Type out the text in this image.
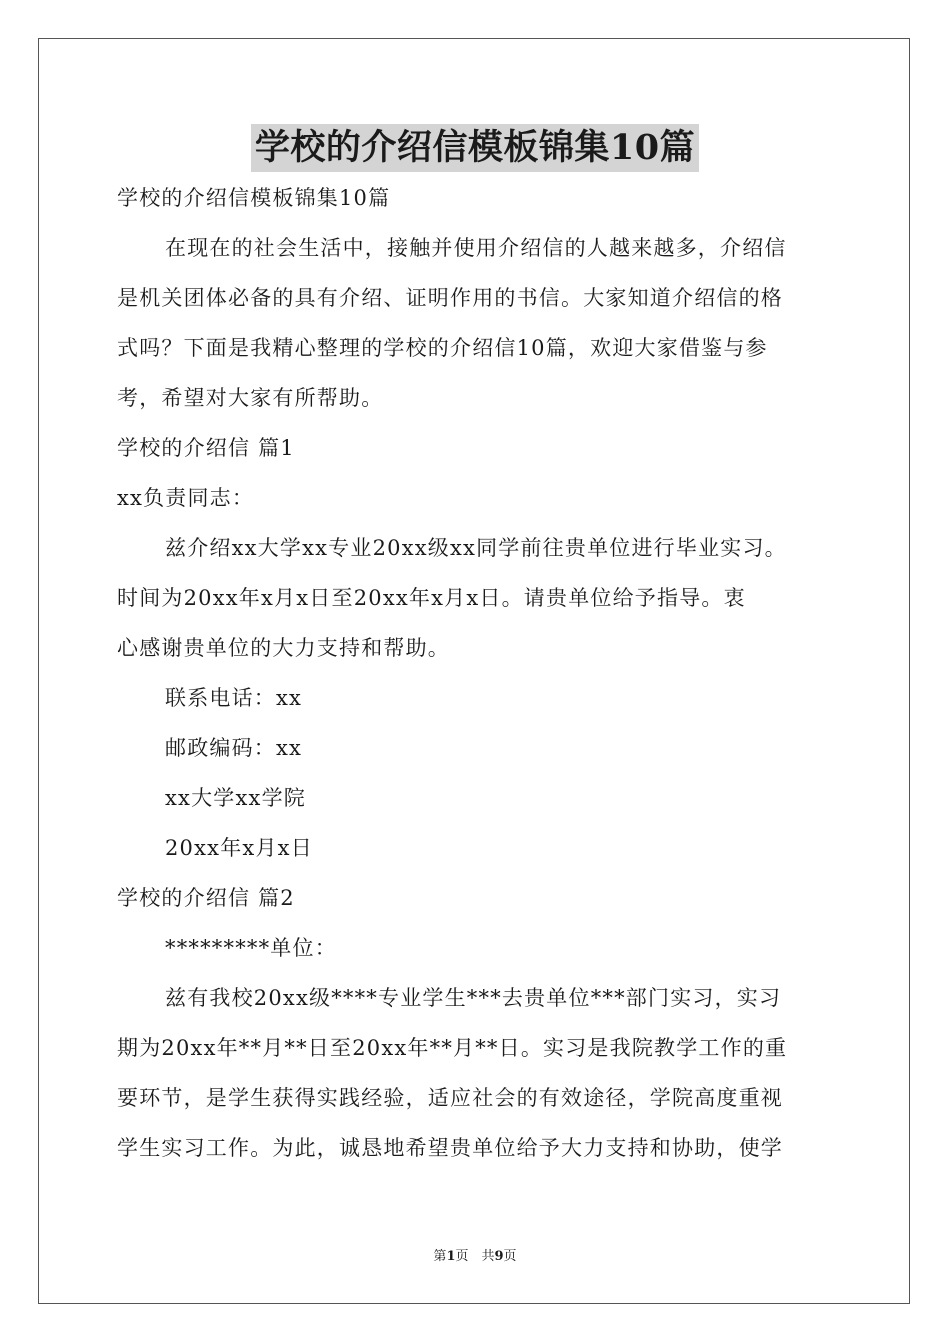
学校的介绍信模板锦集10篇
学校的介绍信模板锦集10篇
在现在的社会生活中，接触并使用介绍信的人越来越多，介绍信
是机关团体必备的具有介绍、证明作用的书信。大家知道介绍信的格
式吗？下面是我精心整理的学校的介绍信10篇，欢迎大家借鉴与参
考，希望对大家有所帮助。
学校的介绍信 篇1
xx负责同志：
兹介绍xx大学xx专业20xx级xx同学前往贵单位进行毕业实习。
时间为20xx年x月x日至20xx年x月x日。请贵单位给予指导。衷
心感谢贵单位的大力支持和帮助。
联系电话：xx
邮政编码：xx
xx大学xx学院
20xx年x月x日
学校的介绍信 篇2
*********单位：
兹有我校20xx级****专业学生***去贵单位***部门实习，实习
期为20xx年**月**日至20xx年**月**日。实习是我院教学工作的重
要环节，是学生获得实践经验，适应社会的有效途径，学院高度重视
学生实习工作。为此，诚恳地希望贵单位给予大力支持和协助，使学
第1页　共9页
